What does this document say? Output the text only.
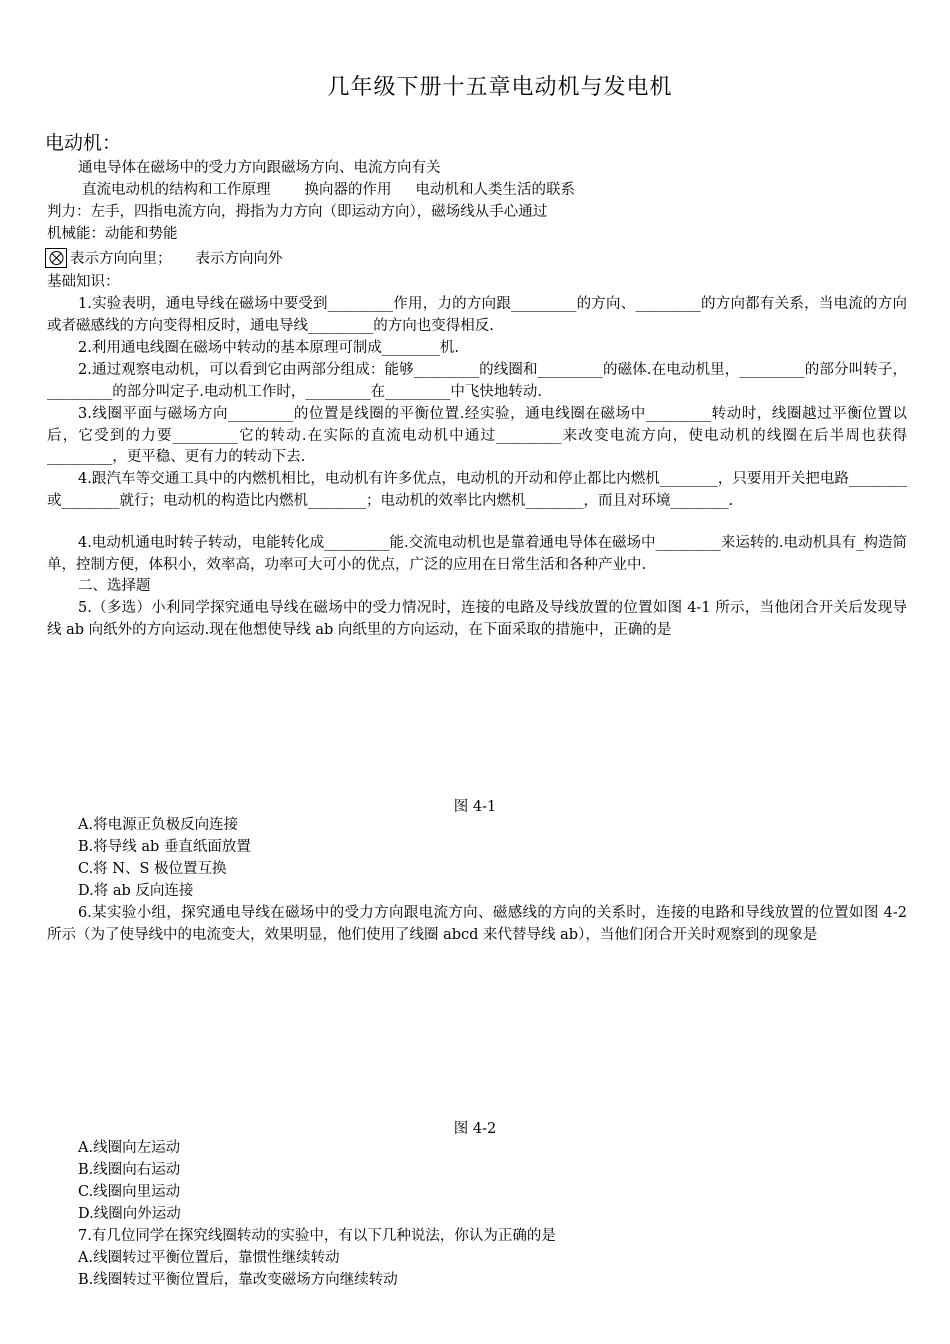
几年级下册十五章电动机与发电机
电动机：
通电导体在磁场中的受力方向跟磁场方向、电流方向有关
直流电动机的结构和工作原理 换向器的作用 电动机和人类生活的联系
判力：左手，四指电流方向，拇指为力方向（即运动方向），磁场线从手心通过
机械能：动能和势能
表示方向向里； 表示方向向外
基础知识：
1.实验表明，通电导线在磁场中要受到_________作用，力的方向跟_________的方向、_________的方向都有关系，当电流的方向或者磁感线的方向变得相反时，通电导线_________的方向也变得相反.
2.利用通电线圈在磁场中转动的基本原理可制成________机.
2.通过观察电动机，可以看到它由两部分组成：能够_________的线圈和_________的磁体.在电动机里，_________的部分叫转子，_________的部分叫定子.电动机工作时，_________在_________中飞快地转动.
3.线圈平面与磁场方向_________的位置是线圈的平衡位置.经实验，通电线圈在磁场中_________转动时，线圈越过平衡位置以后，它受到的力要_________它的转动.在实际的直流电动机中通过_________来改变电流方向，使电动机的线圈在后半周也获得_________，更平稳、更有力的转动下去.
4.跟汽车等交通工具中的内燃机相比，电动机有许多优点，电动机的开动和停止都比内燃机________，只要用开关把电路________或________就行；电动机的构造比内燃机________；电动机的效率比内燃机________，而且对环境________.
4.电动机通电时转子转动，电能转化成_________能.交流电动机也是靠着通电导体在磁场中_________来运转的.电动机具有_构造简单，控制方便，体积小，效率高，功率可大可小的优点，广泛的应用在日常生活和各种产业中.
二、选择题
5.（多选）小利同学探究通电导线在磁场中的受力情况时，连接的电路及导线放置的位置如图 4-1 所示，当他闭合开关后发现导线 ab 向纸外的方向运动.现在他想使导线 ab 向纸里的方向运动，在下面采取的措施中，正确的是
图 4-1
A.将电源正负极反向连接
B.将导线 ab 垂直纸面放置
C.将 N、S 极位置互换
D.将 ab 反向连接
6.某实验小组，探究通电导线在磁场中的受力方向跟电流方向、磁感线的方向的关系时，连接的电路和导线放置的位置如图 4-2 所示（为了使导线中的电流变大，效果明显，他们使用了线圈 abcd 来代替导线 ab），当他们闭合开关时观察到的现象是
图 4-2
A.线圈向左运动
B.线圈向右运动
C.线圈向里运动
D.线圈向外运动
7.有几位同学在探究线圈转动的实验中，有以下几种说法，你认为正确的是
A.线圈转过平衡位置后，靠惯性继续转动
B.线圈转过平衡位置后，靠改变磁场方向继续转动
